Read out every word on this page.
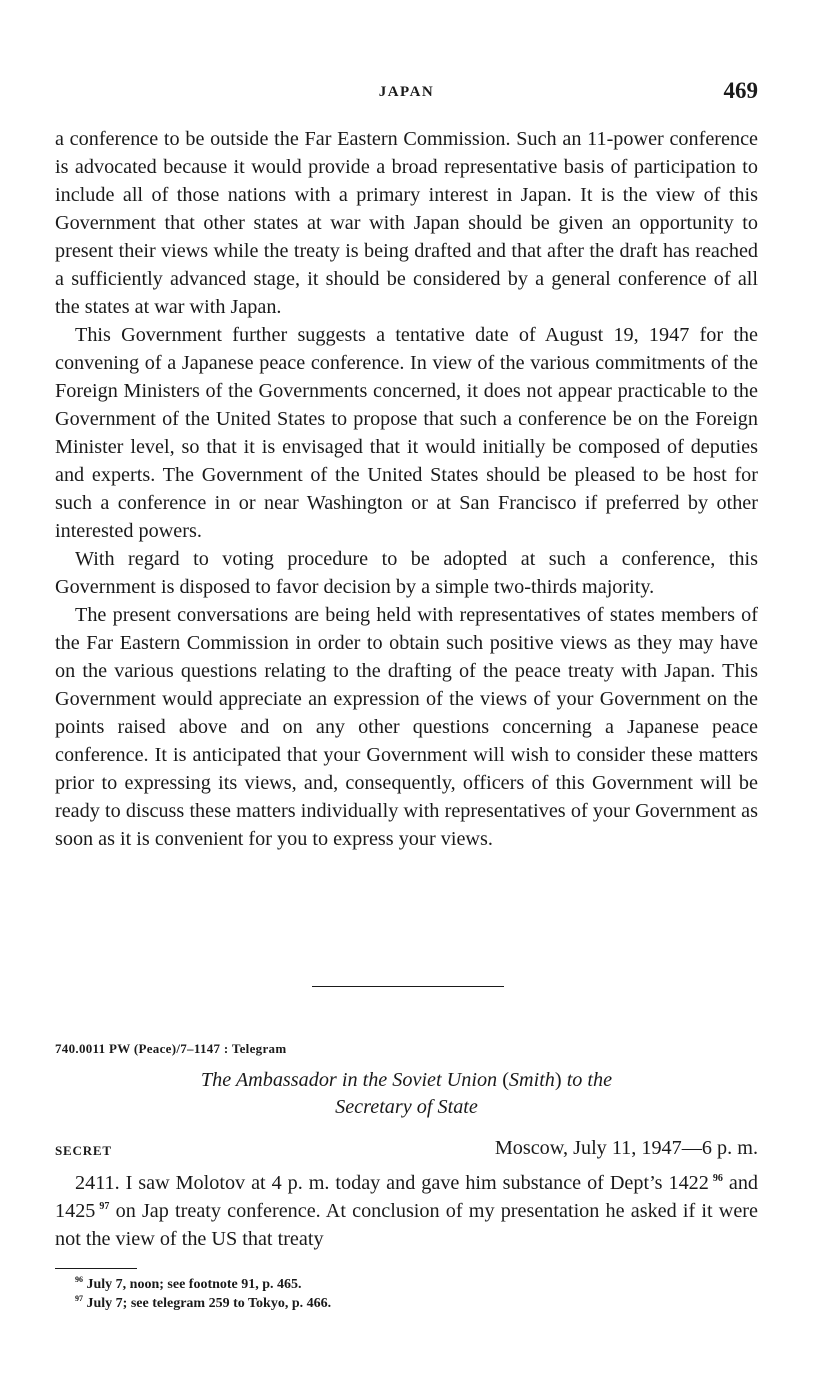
JAPAN	469

a conference to be outside the Far Eastern Commission. Such an 11-power conference is advocated because it would provide a broad representative basis of participation to include all of those nations with a primary interest in Japan. It is the view of this Government that other states at war with Japan should be given an opportunity to present their views while the treaty is being drafted and that after the draft has reached a sufficiently advanced stage, it should be considered by a general conference of all the states at war with Japan.

This Government further suggests a tentative date of August 19, 1947 for the convening of a Japanese peace conference. In view of the various commitments of the Foreign Ministers of the Governments concerned, it does not appear practicable to the Government of the United States to propose that such a conference be on the Foreign Minister level, so that it is envisaged that it would initially be composed of deputies and experts. The Government of the United States should be pleased to be host for such a conference in or near Washington or at San Francisco if preferred by other interested powers.

With regard to voting procedure to be adopted at such a conference, this Government is disposed to favor decision by a simple two-thirds majority.

The present conversations are being held with representatives of states members of the Far Eastern Commission in order to obtain such positive views as they may have on the various questions relating to the drafting of the peace treaty with Japan. This Government would appreciate an expression of the views of your Government on the points raised above and on any other questions concerning a Japanese peace conference. It is anticipated that your Government will wish to consider these matters prior to expressing its views, and, consequently, officers of this Government will be ready to discuss these matters individually with representatives of your Government as soon as it is convenient for you to express your views.

740.0011 PW (Peace)/7–1147 : Telegram
The Ambassador in the Soviet Union (Smith) to the
Secretary of State
SECRET	Moscow, July 11, 1947—6 p. m.

2411. I saw Molotov at 4 p. m. today and gave him substance of Dept’s 1422  $^{96}$ and 1425  $^{97}$ on Jap treaty conference. At conclusion of my presentation he asked if it were not the view of the US that treaty

$^{96}$ July 7, noon; see footnote 91, p. 465.

$^{97}$ July 7; see telegram 259 to Tokyo, p. 466.
